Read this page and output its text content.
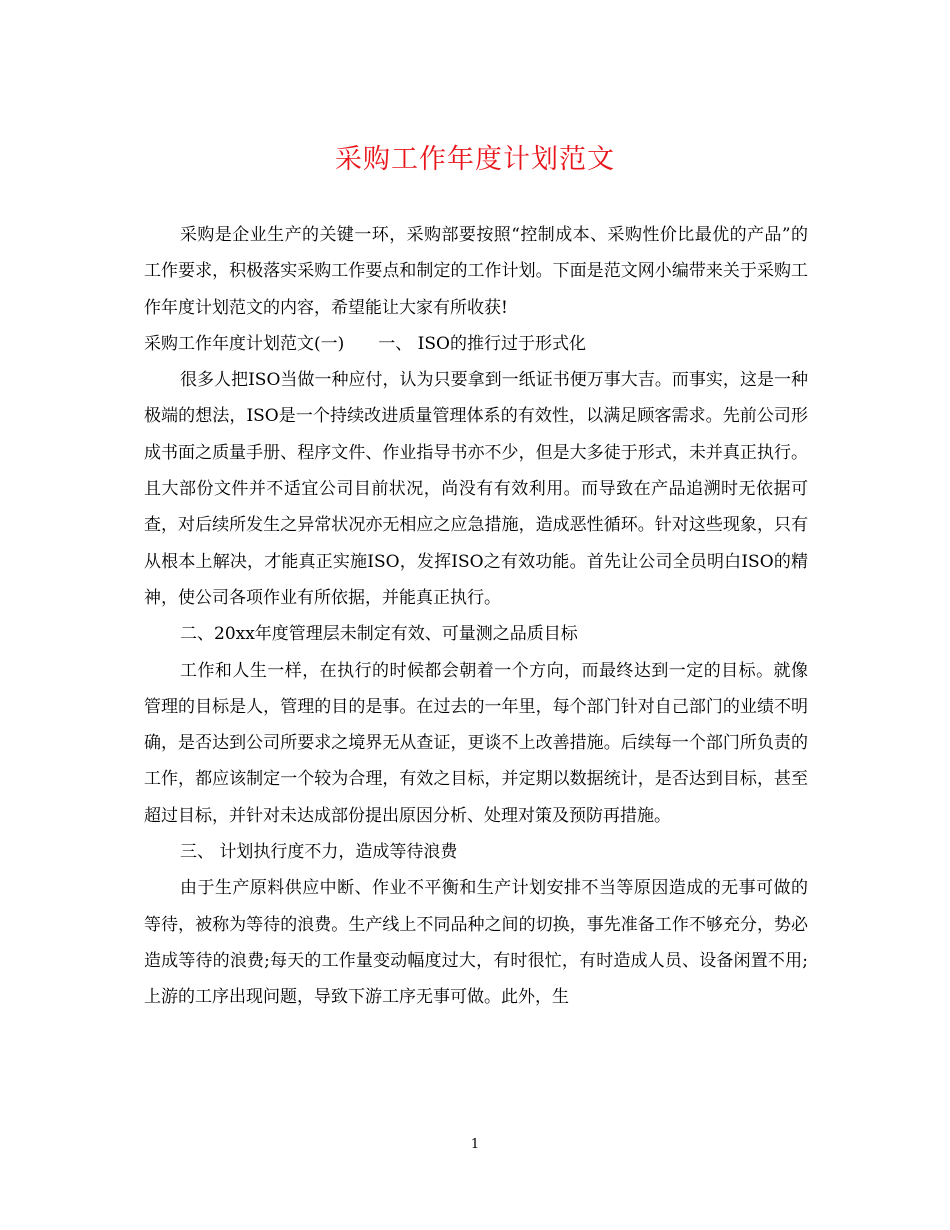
采购工作年度计划范文

采购是企业生产的关键一环，采购部要按照“控制成本、采购性价比最优的产品”的工作要求，积极落实采购工作要点和制定的工作计划。下面是范文网小编带来关于采购工作年度计划范文的内容，希望能让大家有所收获!

采购工作年度计划范文(一)　　一、 ISO的推行过于形式化

很多人把ISO当做一种应付，认为只要拿到一纸证书便万事大吉。而事实，这是一种极端的想法，ISO是一个持续改进质量管理体系的有效性，以满足顾客需求。先前公司形成书面之质量手册、程序文件、作业指导书亦不少，但是大多徒于形式，未并真正执行。且大部份文件并不适宜公司目前状况，尚没有有效利用。而导致在产品追溯时无依据可查，对后续所发生之异常状况亦无相应之应急措施，造成恶性循环。针对这些现象，只有从根本上解决，才能真正实施ISO，发挥ISO之有效功能。首先让公司全员明白ISO的精神，使公司各项作业有所依据，并能真正执行。

二、20xx年度管理层未制定有效、可量测之品质目标

工作和人生一样，在执行的时候都会朝着一个方向，而最终达到一定的目标。就像管理的目标是人，管理的目的是事。在过去的一年里，每个部门针对自己部门的业绩不明确，是否达到公司所要求之境界无从查证，更谈不上改善措施。后续每一个部门所负责的工作，都应该制定一个较为合理，有效之目标，并定期以数据统计，是否达到目标，甚至超过目标，并针对未达成部份提出原因分析、处理对策及预防再措施。

三、 计划执行度不力，造成等待浪费

由于生产原料供应中断、作业不平衡和生产计划安排不当等原因造成的无事可做的等待，被称为等待的浪费。生产线上不同品种之间的切换，事先准备工作不够充分，势必造成等待的浪费;每天的工作量变动幅度过大，有时很忙，有时造成人员、设备闲置不用;上游的工序出现问题，导致下游工序无事可做。此外，生

1
